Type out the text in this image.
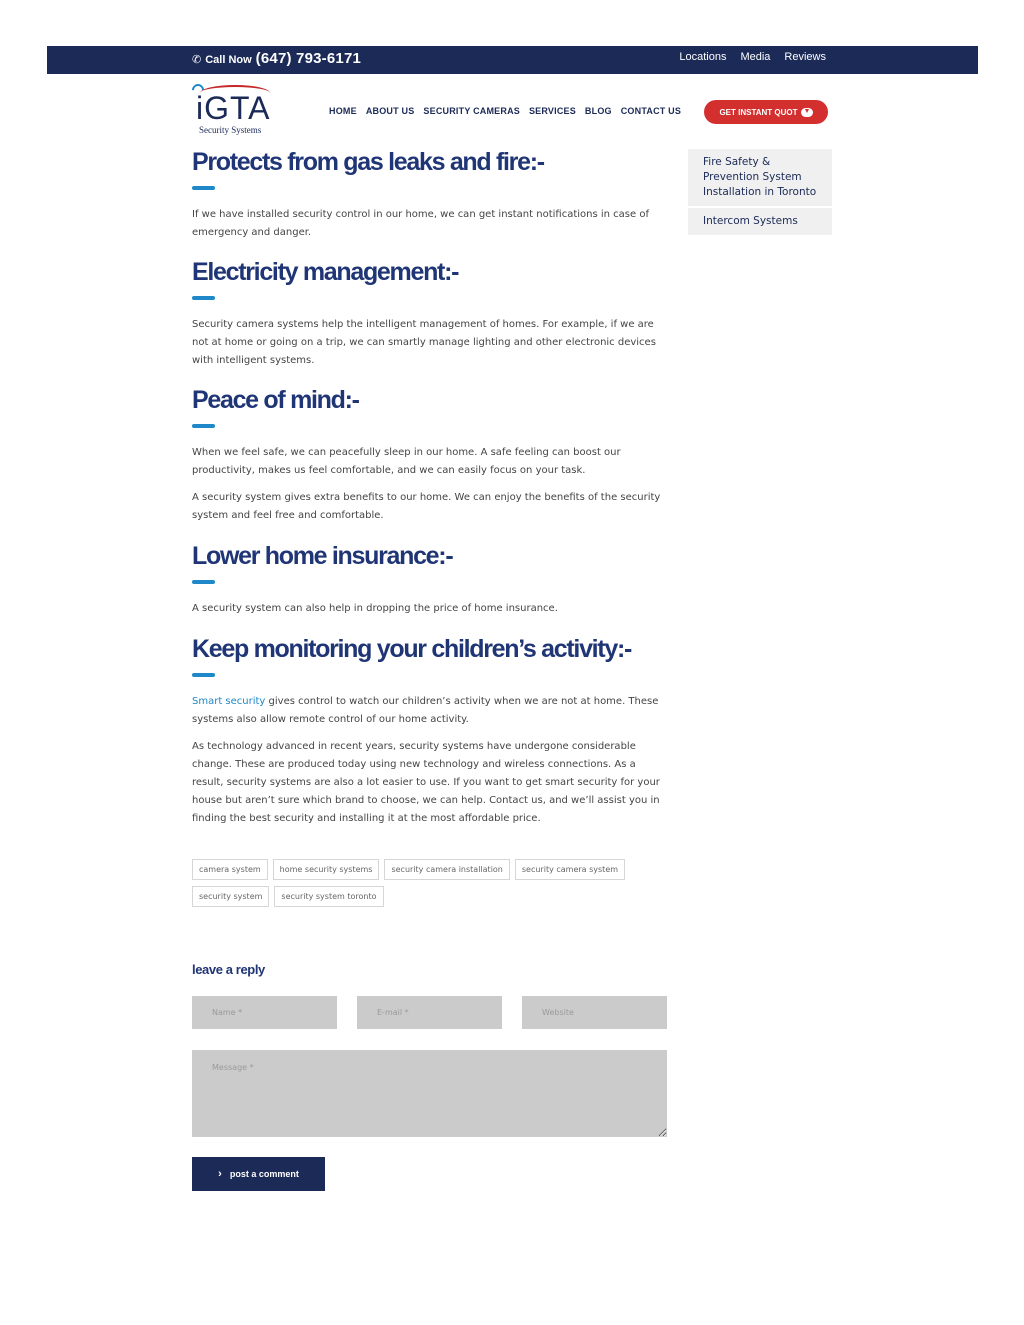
✆ Call Now (647) 793-6171	Locations Media Reviews
iGTA
Security Systems
HOME ABOUT US SECURITY CAMERAS SERVICES BLOG CONTACT US	GET INSTANT QUOT
Protects from gas leaks and fire:-

If we have installed security control in our home, we can get instant notifications in case of emergency and danger.

Electricity management:-

Security camera systems help the intelligent management of homes. For example, if we are not at home or going on a trip, we can smartly manage lighting and other electronic devices with intelligent systems.

Peace of mind:-

When we feel safe, we can peacefully sleep in our home. A safe feeling can boost our productivity, makes us feel comfortable, and we can easily focus on your task.

A security system gives extra benefits to our home. We can enjoy the benefits of the security system and feel free and comfortable.

Lower home insurance:-

A security system can also help in dropping the price of home insurance.

Keep monitoring your children’s activity:-

Smart security gives control to watch our children’s activity when we are not at home. These systems also allow remote control of our home activity.

As technology advanced in recent years, security systems have undergone considerable change. These are produced today using new technology and wireless connections. As a result, security systems are also a lot easier to use. If you want to get smart security for your house but aren’t sure which brand to choose, we can help. Contact us, and we’ll assist you in finding the best security and installing it at the most affordable price.

Fire Safety & Prevention System Installation in Toronto
Intercom Systems
camera system	home security systems	security camera installation	security camera system
security system	security system toronto
leave a reply
Name *
E-mail *
Website
Message *
› post a comment
